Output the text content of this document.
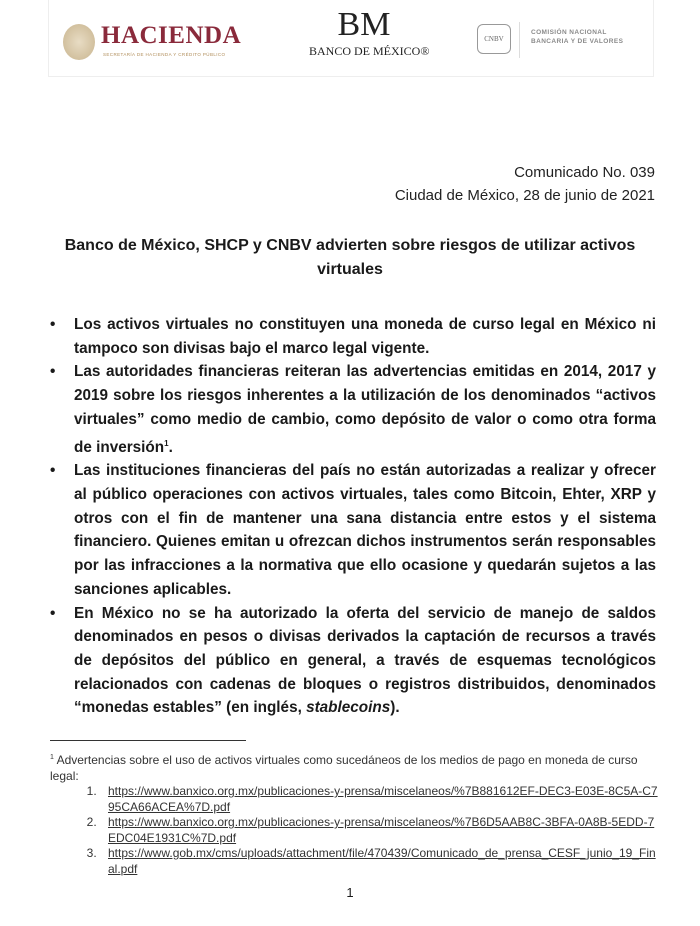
HACIENDA
SECRETARÍA DE HACIENDA Y CRÉDITO PÚBLICO
BM
BANCO DE MÉXICO®
CNBV
COMISIÓN NACIONAL
BANCARIA Y DE VALORES
Comunicado No. 039
Ciudad de México, 28 de junio de 2021
Banco de México, SHCP y CNBV advierten sobre riesgos de utilizar activos virtuales
• Los activos virtuales no constituyen una moneda de curso legal en México ni tampoco son divisas bajo el marco legal vigente.
• Las autoridades financieras reiteran las advertencias emitidas en 2014, 2017 y 2019 sobre los riesgos inherentes a la utilización de los denominados “activos virtuales” como medio de cambio, como depósito de valor o como otra forma de inversión$^1$.
• Las instituciones financieras del país no están autorizadas a realizar y ofrecer al público operaciones con activos virtuales, tales como Bitcoin, Ehter, XRP y otros con el fin de mantener una sana distancia entre estos y el sistema financiero. Quienes emitan u ofrezcan dichos instrumentos serán responsables por las infracciones a la normativa que ello ocasione y quedarán sujetos a las sanciones aplicables.
• En México no se ha autorizado la oferta del servicio de manejo de saldos denominados en pesos o divisas derivados la captación de recursos a través de depósitos del público en general, a través de esquemas tecnológicos relacionados con cadenas de bloques o registros distribuidos, denominados “monedas estables” (en inglés, stablecoins).
$^1$ Advertencias sobre el uso de activos virtuales como sucedáneos de los medios de pago en moneda de curso legal:
1. https://www.banxico.org.mx/publicaciones-y-prensa/miscelaneos/%7B881612EF-DEC3-E03E-8C5A-C795CA66ACEA%7D.pdf
2. https://www.banxico.org.mx/publicaciones-y-prensa/miscelaneos/%7B6D5AAB8C-3BFA-0A8B-5EDD-7EDC04E1931C%7D.pdf
3. https://www.gob.mx/cms/uploads/attachment/file/470439/Comunicado_de_prensa_CESF_junio_19_Final.pdf
1
